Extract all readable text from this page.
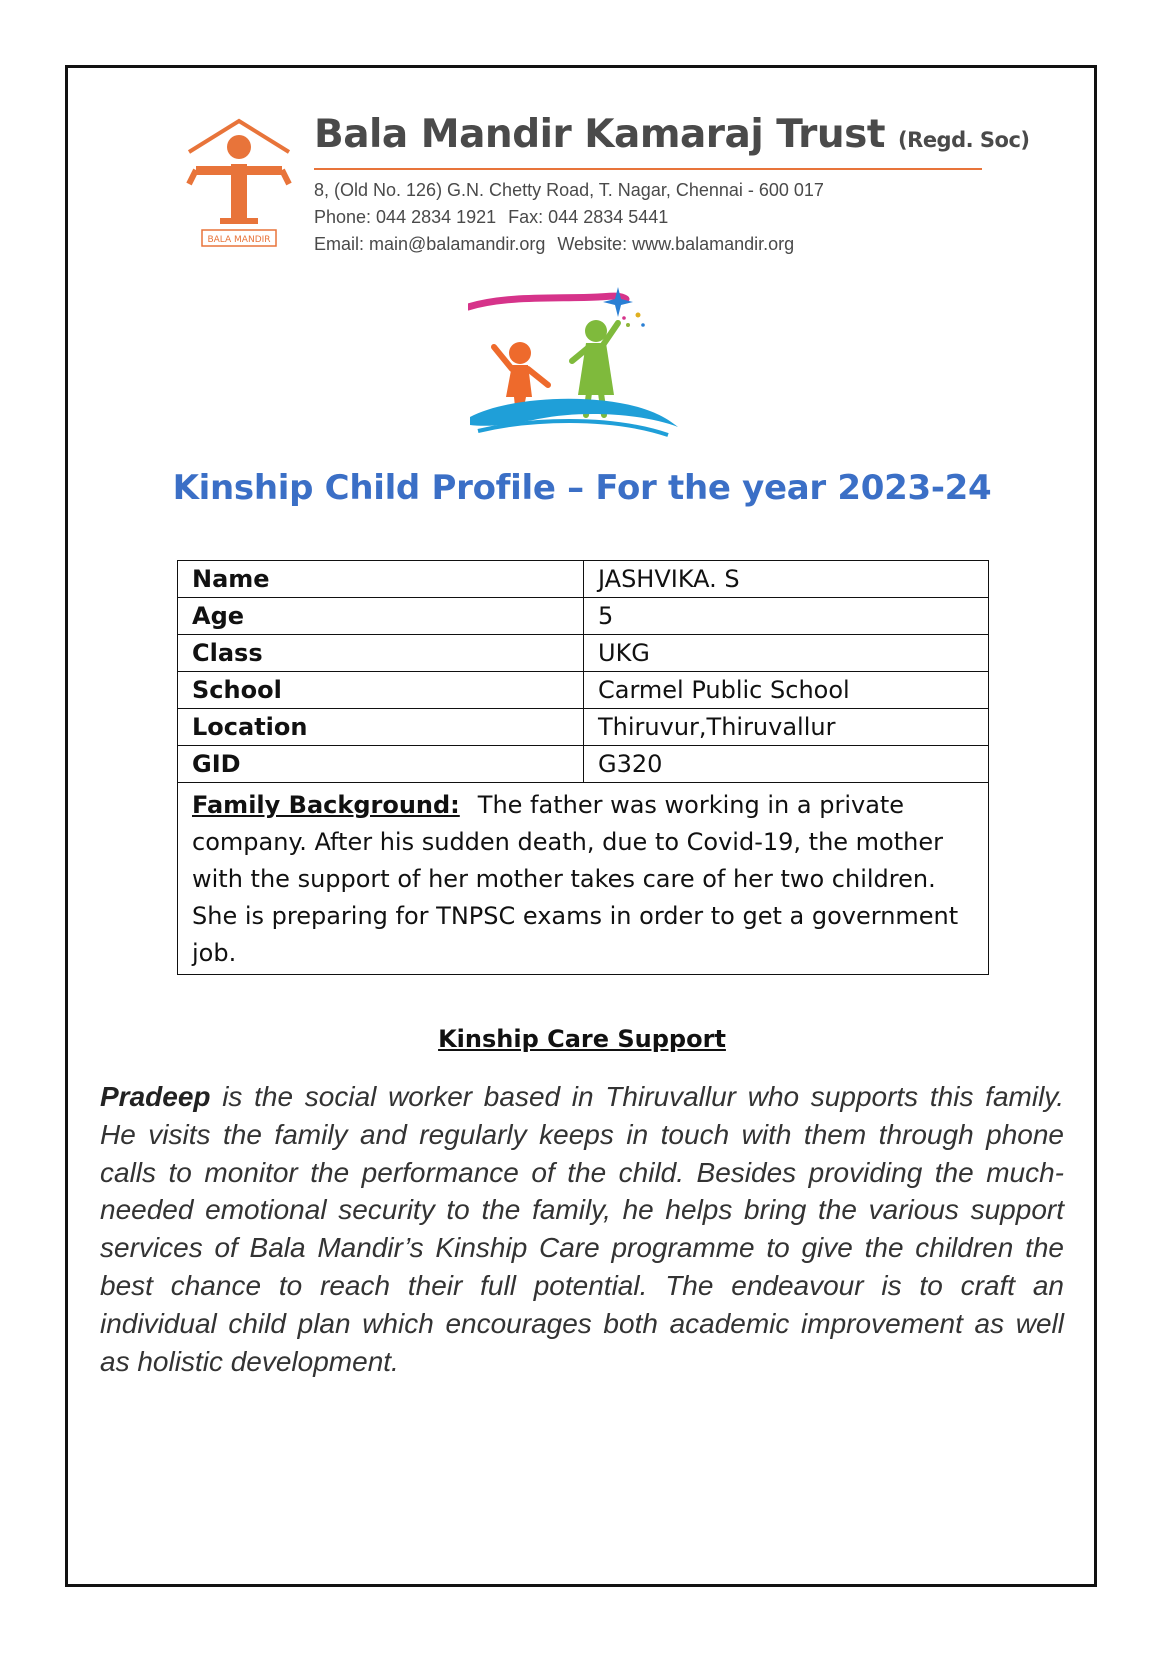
BALA MANDIR
Bala Mandir Kamaraj Trust (Regd. Soc)
8, (Old No. 126) G.N. Chetty Road, T. Nagar, Chennai - 600 017
Phone: 044 2834 1921 Fax: 044 2834 5441
Email: main@balamandir.org Website: www.balamandir.org
Kinship Child Profile – For the year 2023-24
Name	JASHVIKA. S
Age	5
Class	UKG
School	Carmel Public School
Location	Thiruvur,Thiruvallur
GID	G320
Family Background: The father was working in a private company. After his sudden death, due to Covid-19, the mother with the support of her mother takes care of her two children. She is preparing for TNPSC exams in order to get a government job.	
Kinship Care Support
Pradeep is the social worker based in Thiruvallur who supports this family. He visits the family and regularly keeps in touch with them through phone calls to monitor the performance of the child. Besides providing the much-needed emotional security to the family, he helps bring the various support services of Bala Mandir’s Kinship Care programme to give the children the best chance to reach their full potential. The endeavour is to craft an individual child plan which encourages both academic improvement as well as holistic development.
